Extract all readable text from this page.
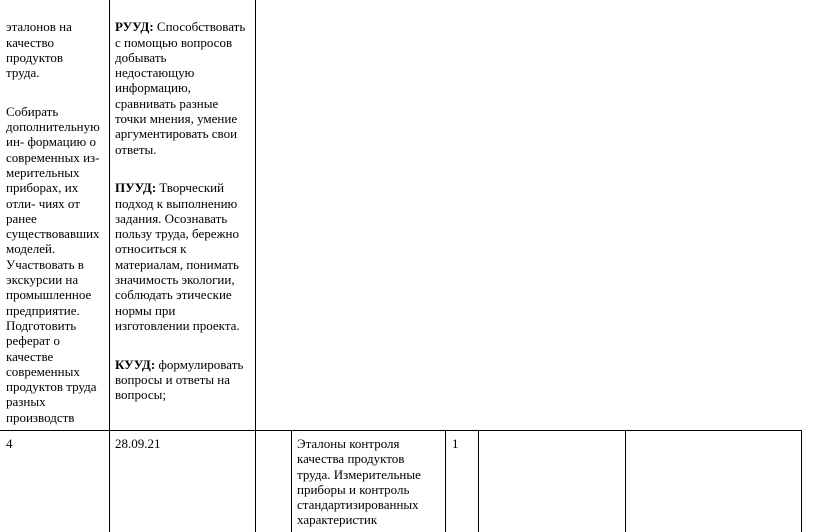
эталонов на
качество
продуктов
труда.

Собирать
дополнительную
ин- формацию о
современных из-
мерительных
приборах, их
отли- чиях от
ранее
существовавших
моделей.
Участвовать в
экскурсии на
промышленное
предприятие.
Подготовить
реферат о
качестве
современных
продуктов труда
разных
производств

РУУД: Способствовать
с помощью вопросов
добывать
недостающую
информацию,
сравнивать разные
точки мнения, умение
аргументировать свои
ответы.

ПУУД: Творческий
подход к выполнению
задания. Осознавать
пользу труда, бережно
относиться к
материалам, понимать
значимость экологии,
соблюдать этические
нормы при
изготовлении проекта.

КУУД: формулировать
вопросы и ответы на
вопросы;

4	28.09.21	Эталоны контроля
качества продуктов
труда. Измерительные
приборы и контроль
стандартизированных
характеристик
1
